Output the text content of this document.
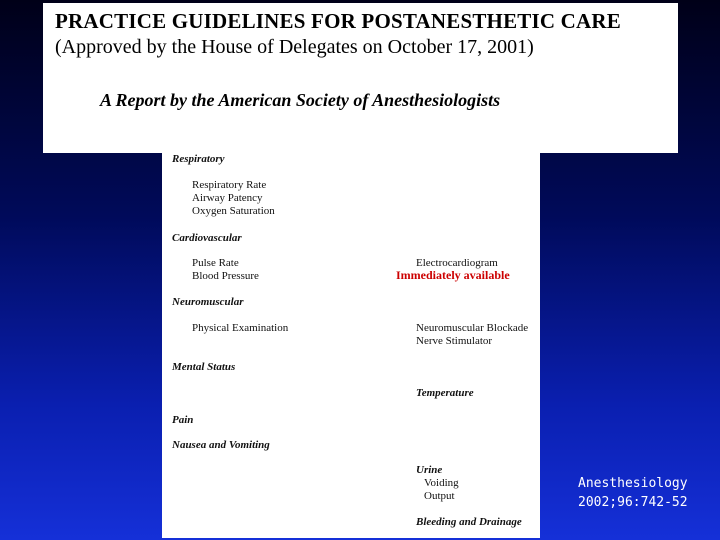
Respiratory
Respiratory Rate
Airway Patency
Oxygen Saturation
Cardiovascular
Pulse Rate
Blood Pressure
Electrocardiogram
Immediately available
Neuromuscular
Physical Examination	Neuromuscular Blockade
Nerve Stimulator
Mental Status
Temperature
Pain
Nausea and Vomiting
Urine
Voiding
Output
Bleeding and Drainage
PRACTICE GUIDELINES FOR POSTANESTHETIC CARE

(Approved by the House of Delegates on October 17, 2001)

A Report by the American Society of Anesthesiologists

Anesthesiology
2002;96:742-52
